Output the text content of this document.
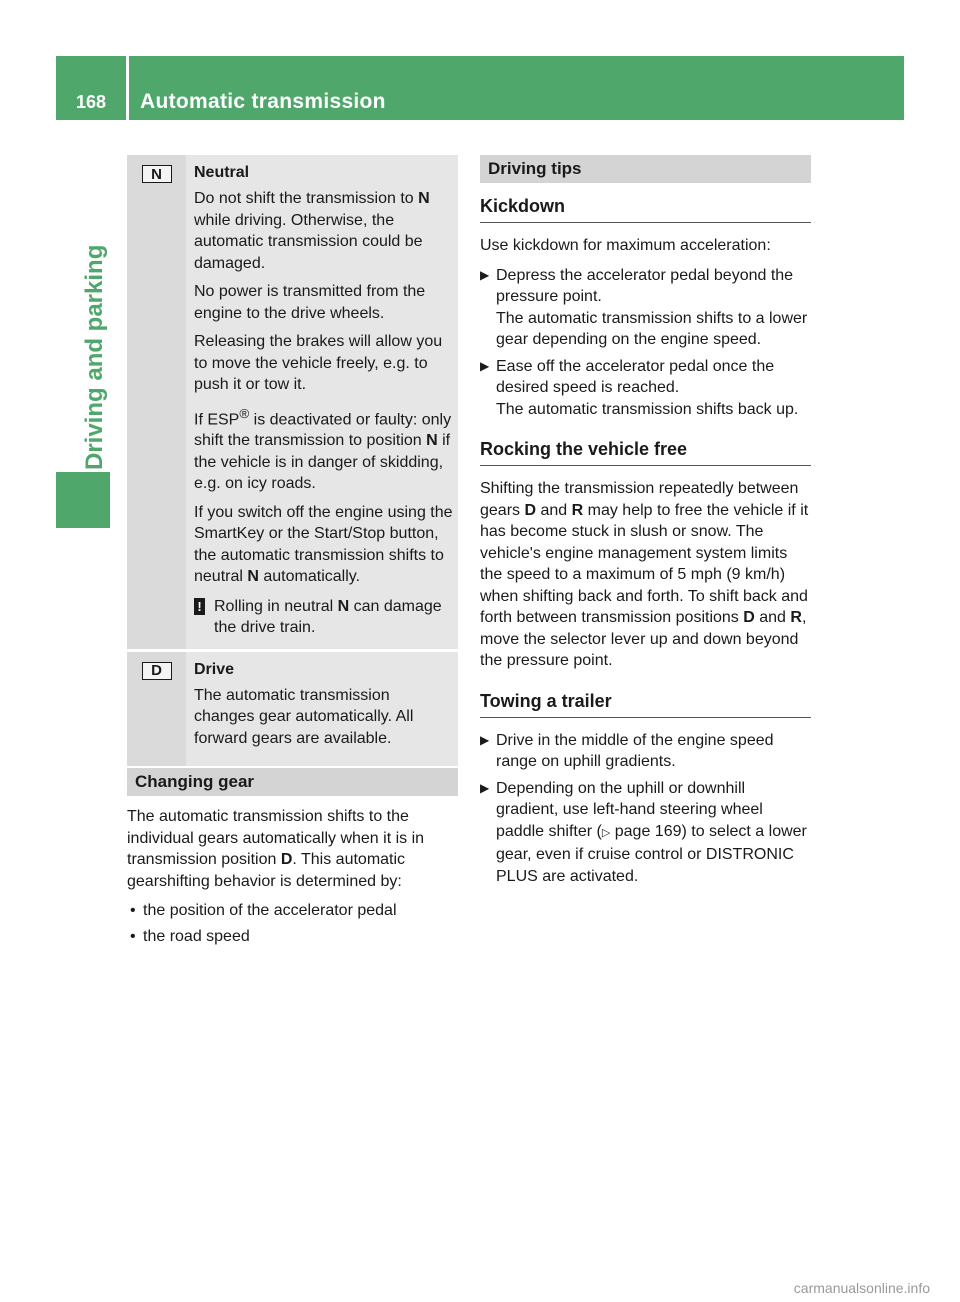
168	Automatic transmission
Driving and parking
N	Neutral

Do not shift the transmission to N while driving. Otherwise, the automatic transmission could be damaged.

No power is transmitted from the engine to the drive wheels.

Releasing the brakes will allow you to move the vehicle freely, e.g. to push it or tow it.

If ESP® is deactivated or faulty: only shift the transmission to position N if the vehicle is in danger of skidding, e.g. on icy roads.

If you switch off the engine using the SmartKey or the Start/Stop button, the automatic transmission shifts to neutral N automatically.

! Rolling in neutral N can damage the drive train.
D	Drive

The automatic transmission changes gear automatically. All forward gears are available.

Changing gear

The automatic transmission shifts to the individual gears automatically when it is in transmission position D. This automatic gearshifting behavior is determined by:

• the position of the accelerator pedal
• the road speed
Driving tips
Kickdown

Use kickdown for maximum acceleration:

▶ Depress the accelerator pedal beyond the pressure point.
The automatic transmission shifts to a lower gear depending on the engine speed.
▶ Ease off the accelerator pedal once the desired speed is reached.
The automatic transmission shifts back up.
Rocking the vehicle free

Shifting the transmission repeatedly between gears D and R may help to free the vehicle if it has become stuck in slush or snow. The vehicle's engine management system limits the speed to a maximum of 5 mph (9 km/h) when shifting back and forth. To shift back and forth between transmission positions D and R, move the selector lever up and down beyond the pressure point.

Towing a trailer
▶ Drive in the middle of the engine speed range on uphill gradients.
▶ Depending on the uphill or downhill gradient, use left-hand steering wheel paddle shifter (▷ page 169) to select a lower gear, even if cruise control or DISTRONIC PLUS are activated.
carmanualsonline.info
